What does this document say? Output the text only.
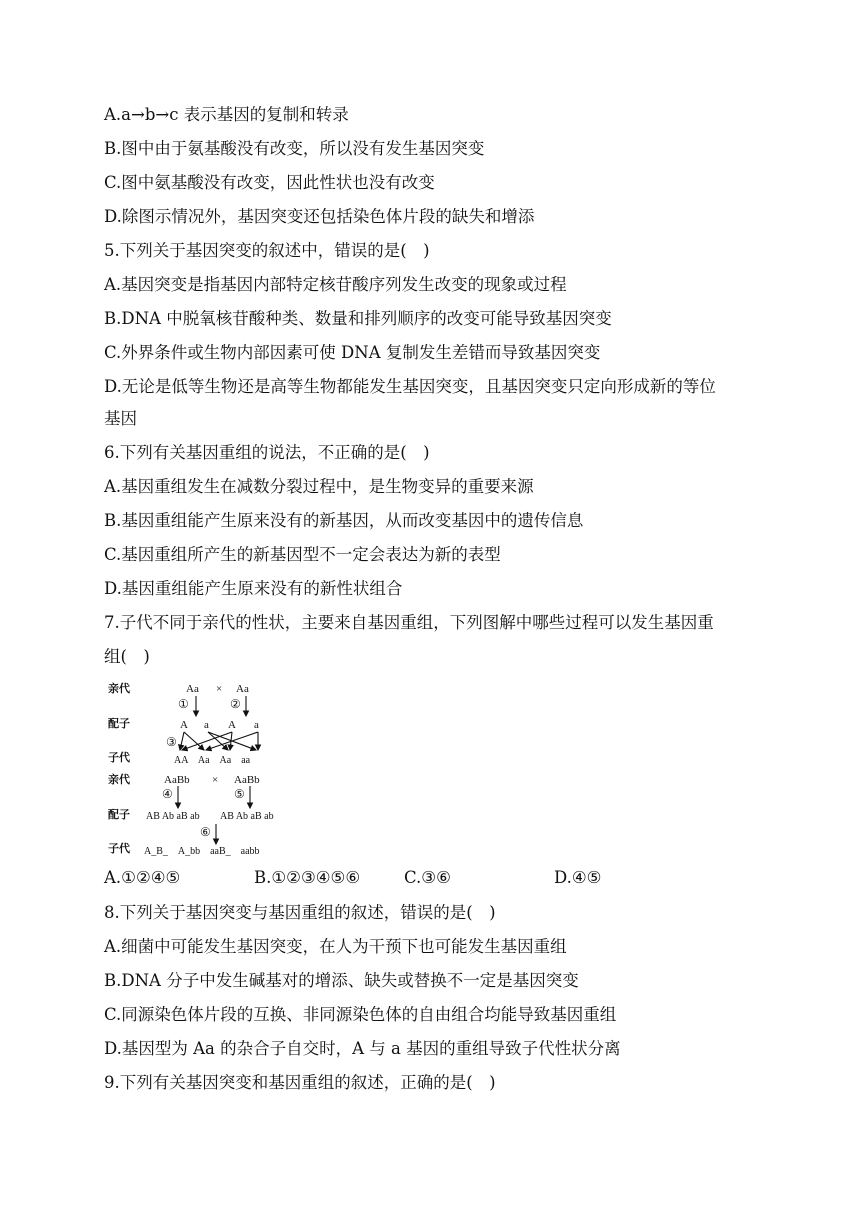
A.a→b→c 表示基因的复制和转录
B.图中由于氨基酸没有改变，所以没有发生基因突变
C.图中氨基酸没有改变，因此性状也没有改变
D.除图示情况外，基因突变还包括染色体片段的缺失和增添
5.下列关于基因突变的叙述中，错误的是(　)
A.基因突变是指基因内部特定核苷酸序列发生改变的现象或过程
B.DNA 中脱氧核苷酸种类、数量和排列顺序的改变可能导致基因突变
C.外界条件或生物内部因素可使 DNA 复制发生差错而导致基因突变
D.无论是低等生物还是高等生物都能发生基因突变，且基因突变只定向形成新的等位
基因
6.下列有关基因重组的说法，不正确的是(　)
A.基因重组发生在减数分裂过程中，是生物变异的重要来源
B.基因重组能产生原来没有的新基因，从而改变基因中的遗传信息
C.基因重组所产生的新基因型不一定会表达为新的表型
D.基因重组能产生原来没有的新性状组合
7.子代不同于亲代的性状，主要来自基因重组，下列图解中哪些过程可以发生基因重
组(　)
亲代
配子
子代
亲代
配子
子代
Aa × Aa
①	②
A a A a
③
AA　Aa　Aa　aa
AaBb × AaBb
④	⑤
AB Ab aB ab AB Ab aB ab
⑥
A_B_　A_bb　aaB_　aabb
A.①②④⑤	B.①②③④⑤⑥	C.③⑥	D.④⑤
8.下列关于基因突变与基因重组的叙述，错误的是(　)
A.细菌中可能发生基因突变，在人为干预下也可能发生基因重组
B.DNA 分子中发生碱基对的增添、缺失或替换不一定是基因突变
C.同源染色体片段的互换、非同源染色体的自由组合均能导致基因重组
D.基因型为 Aa 的杂合子自交时，A 与 a 基因的重组导致子代性状分离
9.下列有关基因突变和基因重组的叙述，正确的是(　)
